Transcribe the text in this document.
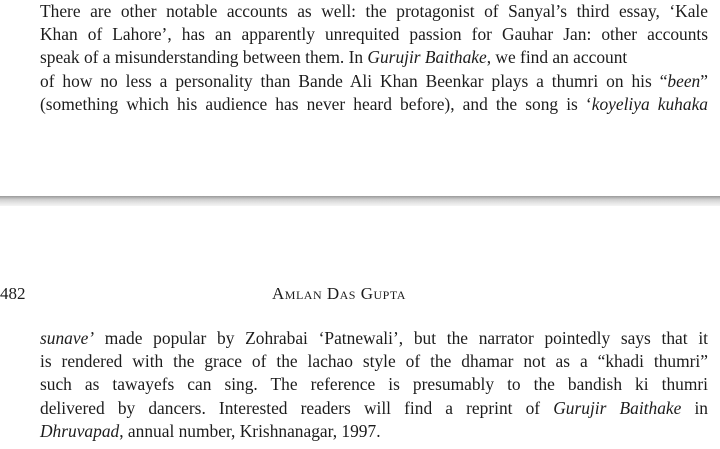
There are other notable accounts as well: the protagonist of Sanyal’s third essay, ‘Kale
Khan of Lahore’, has an apparently unrequited passion for Gauhar Jan: other accounts
speak of a misunderstanding between them. In Gurujir Baithake, we find an account
of how no less a personality than Bande Ali Khan Beenkar plays a thumri on his “been”
(something which his audience has never heard before), and the song is ‘koyeliya kuhaka
482	Amlan Das Gupta
sunave’ made popular by Zohrabai ‘Patnewali’, but the narrator pointedly says that it
is rendered with the grace of the lachao style of the dhamar not as a “khadi thumri”
such as tawayefs can sing. The reference is presumably to the bandish ki thumri
delivered by dancers. Interested readers will find a reprint of Gurujir Baithake in
Dhruvapad, annual number, Krishnanagar, 1997.
